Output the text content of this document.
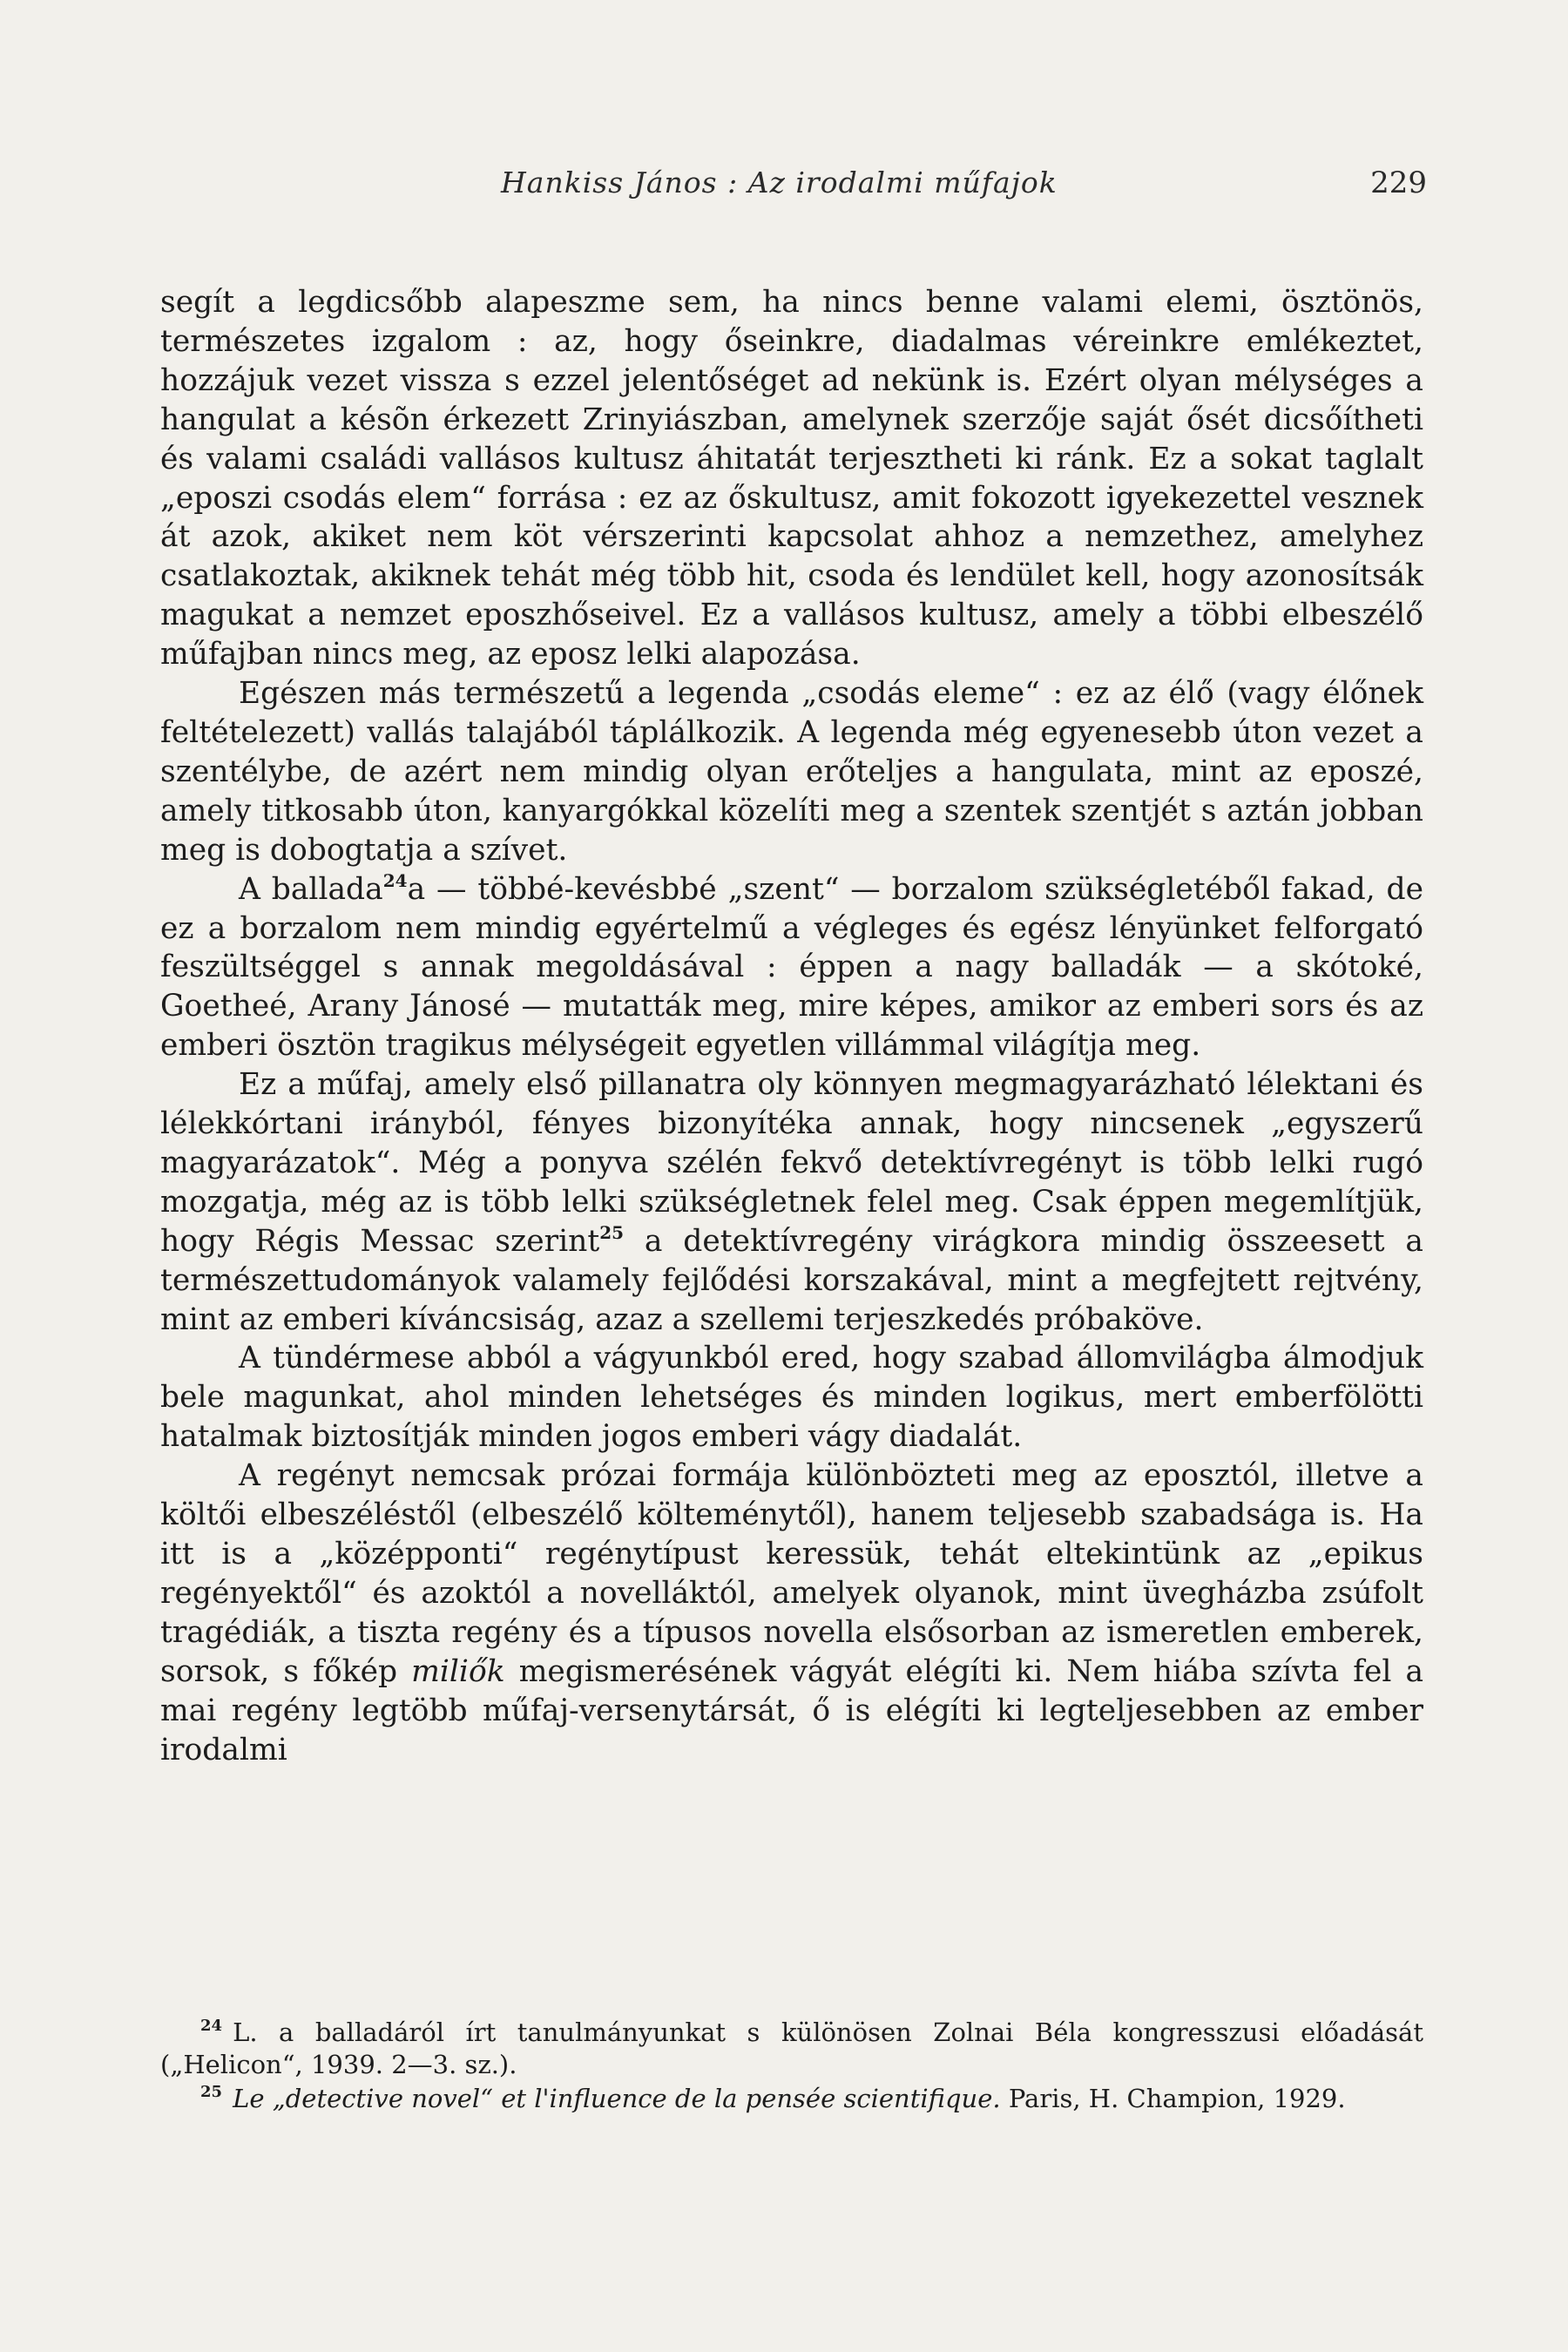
Hankiss János : Az irodalmi műfajok	229

segít a legdicsőbb alapeszme sem, ha nincs benne valami elemi, ösztönös, természetes izgalom : az, hogy őseinkre, diadalmas véreinkre emlékeztet, hozzájuk vezet vissza s ezzel jelentőséget ad nekünk is. Ezért olyan mélységes a hangulat a késõn érkezett Zrinyiászban, amelynek szerzője saját ősét dicsőítheti és valami családi vallásos kultusz áhitatát terjesztheti ki ránk. Ez a sokat taglalt „eposzi csodás elem“ forrása : ez az őskultusz, amit fokozott igyekezettel vesznek át azok, akiket nem köt vérszerinti kapcsolat ahhoz a nemzethez, amelyhez csatlakoztak, akiknek tehát még több hit, csoda és lendület kell, hogy azonosítsák magukat a nemzet eposzhőseivel. Ez a vallásos kultusz, amely a többi elbeszélő műfajban nincs meg, az eposz lelki alapozása.

Egészen más természetű a legenda „csodás eleme“ : ez az élő (vagy élőnek feltételezett) vallás talajából táplálkozik. A legenda még egyenesebb úton vezet a szentélybe, de azért nem mindig olyan erőteljes a hangulata, mint az eposzé, amely titkosabb úton, kanyargókkal közelíti meg a szentek szentjét s aztán jobban meg is dobogtatja a szívet.

A ballada$^{24}$a — többé-kevésbbé „szent“ — borzalom szükségletéből fakad, de ez a borzalom nem mindig egyértelmű a végleges és egész lényünket felforgató feszültséggel s annak megoldásával : éppen a nagy balladák — a skótoké, Goetheé, Arany Jánosé — mutatták meg, mire képes, amikor az emberi sors és az emberi ösztön tragikus mélységeit egyetlen villámmal világítja meg.

Ez a műfaj, amely első pillanatra oly könnyen megmagyarázható lélektani és lélekkórtani irányból, fényes bizonyítéka annak, hogy nincsenek „egyszerű magyarázatok“. Még a ponyva szélén fekvő detektívregényt is több lelki rugó mozgatja, még az is több lelki szükségletnek felel meg. Csak éppen megemlítjük, hogy Régis Messac szerint$^{25}$ a detektívregény virágkora mindig összeesett a természettudományok valamely fejlődési korszakával, mint a megfejtett rejtvény, mint az emberi kíváncsiság, azaz a szellemi terjeszkedés próbaköve.

A tündérmese abból a vágyunkból ered, hogy szabad állomvilágba álmodjuk bele magunkat, ahol minden lehetséges és minden logikus, mert emberfölötti hatalmak biztosítják minden jogos emberi vágy diadalát.

A regényt nemcsak prózai formája különbözteti meg az eposztól, illetve a költői elbeszéléstől (elbeszélő költeménytől), hanem teljesebb szabadsága is. Ha itt is a „középponti“ regénytípust keressük, tehát eltekintünk az „epikus regényektől“ és azoktól a novelláktól, amelyek olyanok, mint üvegházba zsúfolt tragédiák, a tiszta regény és a típusos novella elsősorban az ismeretlen emberek, sorsok, s főkép miliők megismerésének vágyát elégíti ki. Nem hiába szívta fel a mai regény legtöbb műfaj-versenytársát, ő is elégíti ki legteljesebben az ember irodalmi

$^{24}$ L. a balladáról írt tanulmányunkat s különösen Zolnai Béla kongresszusi előadását („Helicon“, 1939. 2—3. sz.).

$^{25}$ Le „detective novel“ et l'influence de la pensée scientifique. Paris, H. Champion, 1929.
